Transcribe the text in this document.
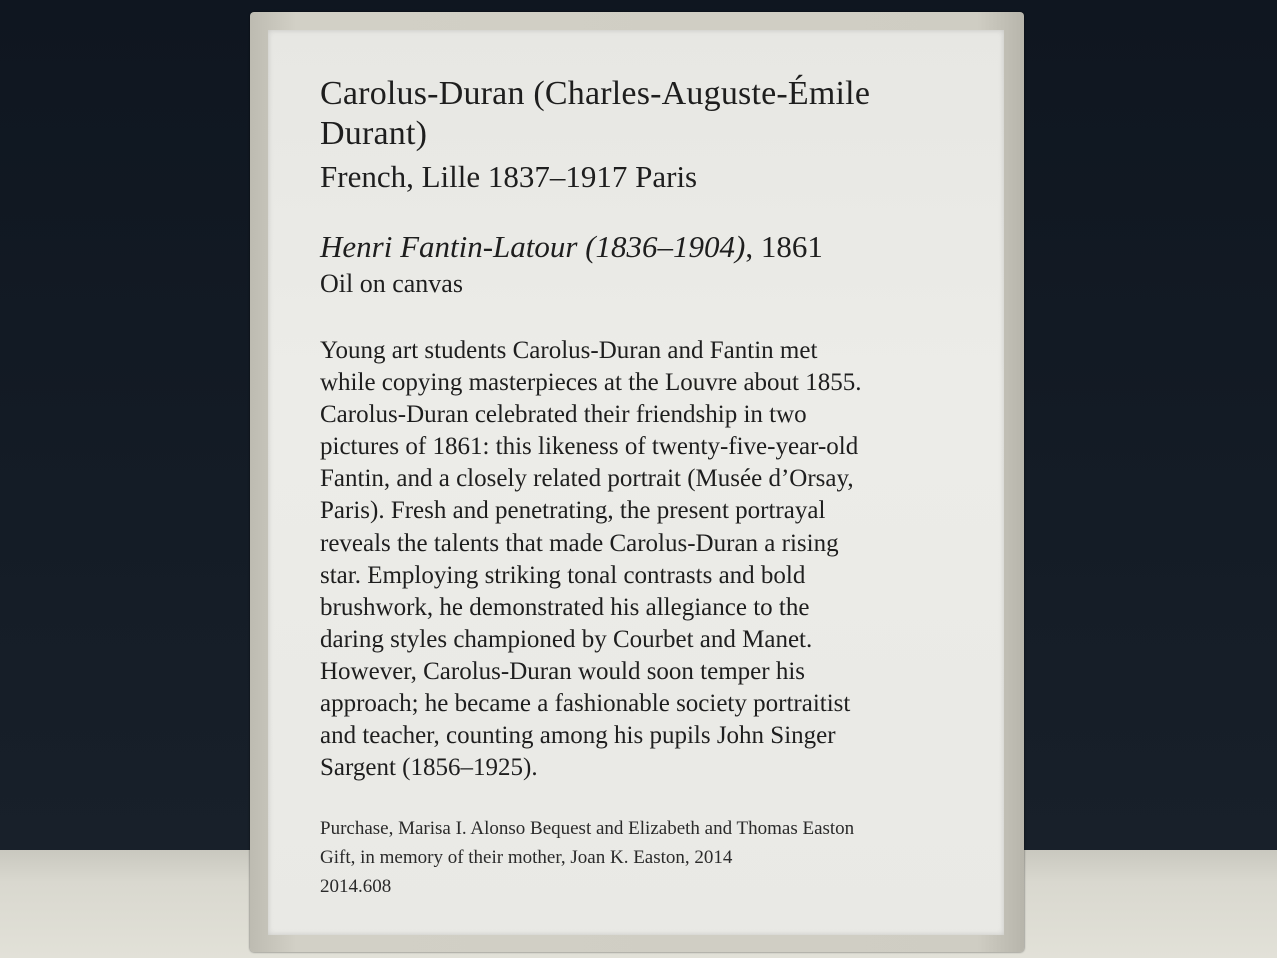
Carolus-Duran (Charles-Auguste-Émile
Durant)
French, Lille 1837–1917 Paris
Henri Fantin-Latour (1836–1904), 1861
Oil on canvas
Young art students Carolus-Duran and Fantin met
while copying masterpieces at the Louvre about 1855.
Carolus-Duran celebrated their friendship in two
pictures of 1861: this likeness of twenty-five-year-old
Fantin, and a closely related portrait (Musée d’Orsay,
Paris). Fresh and penetrating, the present portrayal
reveals the talents that made Carolus-Duran a rising
star. Employing striking tonal contrasts and bold
brushwork, he demonstrated his allegiance to the
daring styles championed by Courbet and Manet.
However, Carolus-Duran would soon temper his
approach; he became a fashionable society portraitist
and teacher, counting among his pupils John Singer
Sargent (1856–1925).
Purchase, Marisa I. Alonso Bequest and Elizabeth and Thomas Easton
Gift, in memory of their mother, Joan K. Easton, 2014
2014.608
